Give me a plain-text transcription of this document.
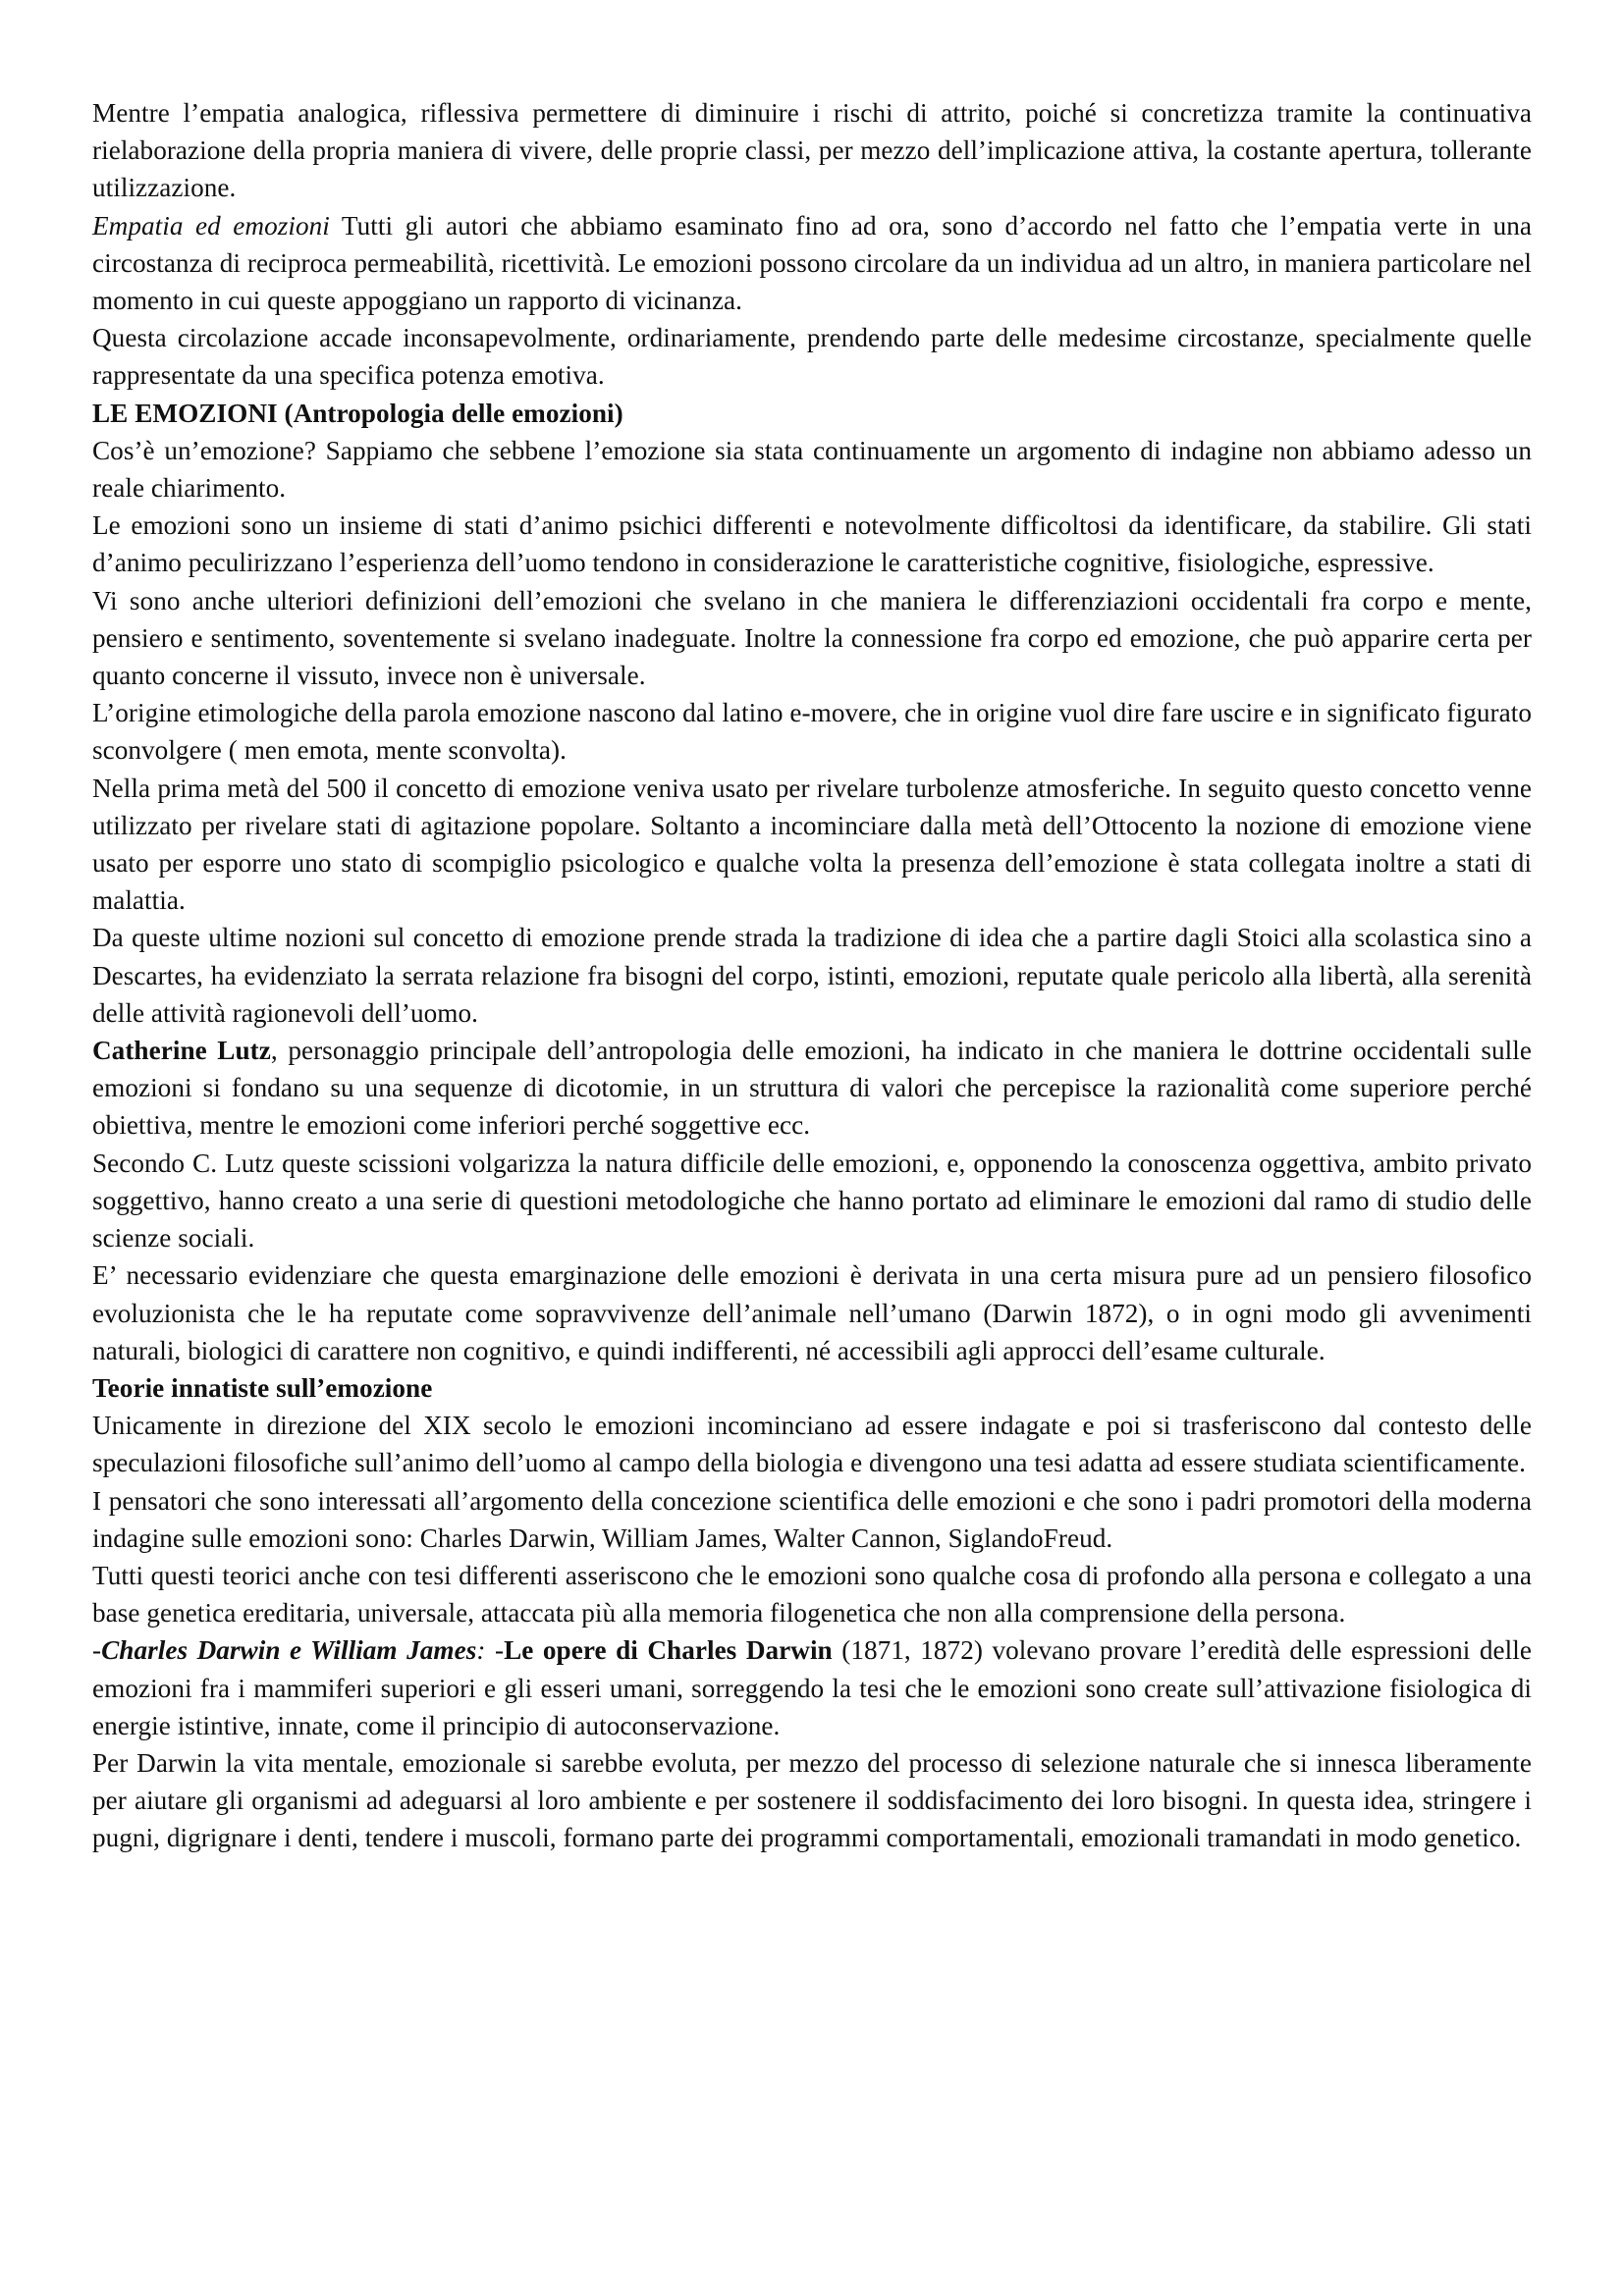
Mentre l’empatia analogica, riflessiva permettere di diminuire i rischi di attrito, poiché si concretizza tramite la continuativa rielaborazione della propria maniera di vivere, delle proprie classi, per mezzo dell’implicazione attiva, la costante apertura, tollerante utilizzazione.

Empatia ed emozioni Tutti gli autori che abbiamo esaminato fino ad ora, sono d’accordo nel fatto che l’empatia verte in una circostanza di reciproca permeabilità, ricettività. Le emozioni possono circolare da un individua ad un altro, in maniera particolare nel momento in cui queste appoggiano un rapporto di vicinanza.

Questa circolazione accade inconsapevolmente, ordinariamente, prendendo parte delle medesime circostanze, specialmente quelle rappresentate da una specifica potenza emotiva.

LE EMOZIONI (Antropologia delle emozioni)

Cos’è un’emozione? Sappiamo che sebbene l’emozione sia stata continuamente un argomento di indagine non abbiamo adesso un reale chiarimento.

Le emozioni sono un insieme di stati d’animo psichici differenti e notevolmente difficoltosi da identificare, da stabilire. Gli stati d’animo peculirizzano l’esperienza dell’uomo tendono in considerazione le caratteristiche cognitive, fisiologiche, espressive.

Vi sono anche ulteriori definizioni dell’emozioni che svelano in che maniera le differenziazioni occidentali fra corpo e mente, pensiero e sentimento, soventemente si svelano inadeguate. Inoltre la connessione fra corpo ed emozione, che può apparire certa per quanto concerne il vissuto, invece non è universale.

L’origine etimologiche della parola emozione nascono dal latino e-movere, che in origine vuol dire fare uscire e in significato figurato sconvolgere ( men emota, mente sconvolta).

Nella prima metà del 500 il concetto di emozione veniva usato per rivelare turbolenze atmosferiche. In seguito questo concetto venne utilizzato per rivelare stati di agitazione popolare. Soltanto a incominciare dalla metà dell’Ottocento la nozione di emozione viene usato per esporre uno stato di scompiglio psicologico e qualche volta la presenza dell’emozione è stata collegata inoltre a stati di malattia.

Da queste ultime nozioni sul concetto di emozione prende strada la tradizione di idea che a partire dagli Stoici alla scolastica sino a Descartes, ha evidenziato la serrata relazione fra bisogni del corpo, istinti, emozioni, reputate quale pericolo alla libertà, alla serenità delle attività ragionevoli dell’uomo.

Catherine Lutz, personaggio principale dell’antropologia delle emozioni, ha indicato in che maniera le dottrine occidentali sulle emozioni si fondano su una sequenze di dicotomie, in un struttura di valori che percepisce la razionalità come superiore perché obiettiva, mentre le emozioni come inferiori perché soggettive ecc.

Secondo C. Lutz queste scissioni volgarizza la natura difficile delle emozioni, e, opponendo la conoscenza oggettiva, ambito privato soggettivo, hanno creato a una serie di questioni metodologiche che hanno portato ad eliminare le emozioni dal ramo di studio delle scienze sociali.

E’ necessario evidenziare che questa emarginazione delle emozioni è derivata in una certa misura pure ad un pensiero filosofico evoluzionista che le ha reputate come sopravvivenze dell’animale nell’umano (Darwin 1872), o in ogni modo gli avvenimenti naturali, biologici di carattere non cognitivo, e quindi indifferenti, né accessibili agli approcci dell’esame culturale.

Teorie innatiste sull’emozione

Unicamente in direzione del XIX secolo le emozioni incominciano ad essere indagate e poi si trasferiscono dal contesto delle speculazioni filosofiche sull’animo dell’uomo al campo della biologia e divengono una tesi adatta ad essere studiata scientificamente.

I pensatori che sono interessati all’argomento della concezione scientifica delle emozioni e che sono i padri promotori della moderna indagine sulle emozioni sono: Charles Darwin, William James, Walter Cannon, SiglandoFreud.

Tutti questi teorici anche con tesi differenti asseriscono che le emozioni sono qualche cosa di profondo alla persona e collegato a una base genetica ereditaria, universale, attaccata più alla memoria filogenetica che non alla comprensione della persona.

-Charles Darwin e William James: -Le opere di Charles Darwin (1871, 1872) volevano provare l’eredità delle espressioni delle emozioni fra i mammiferi superiori e gli esseri umani, sorreggendo la tesi che le emozioni sono create sull’attivazione fisiologica di energie istintive, innate, come il principio di autoconservazione.

Per Darwin la vita mentale, emozionale si sarebbe evoluta, per mezzo del processo di selezione naturale che si innesca liberamente per aiutare gli organismi ad adeguarsi al loro ambiente e per sostenere il soddisfacimento dei loro bisogni. In questa idea, stringere i pugni, digrignare i denti, tendere i muscoli, formano parte dei programmi comportamentali, emozionali tramandati in modo genetico.
